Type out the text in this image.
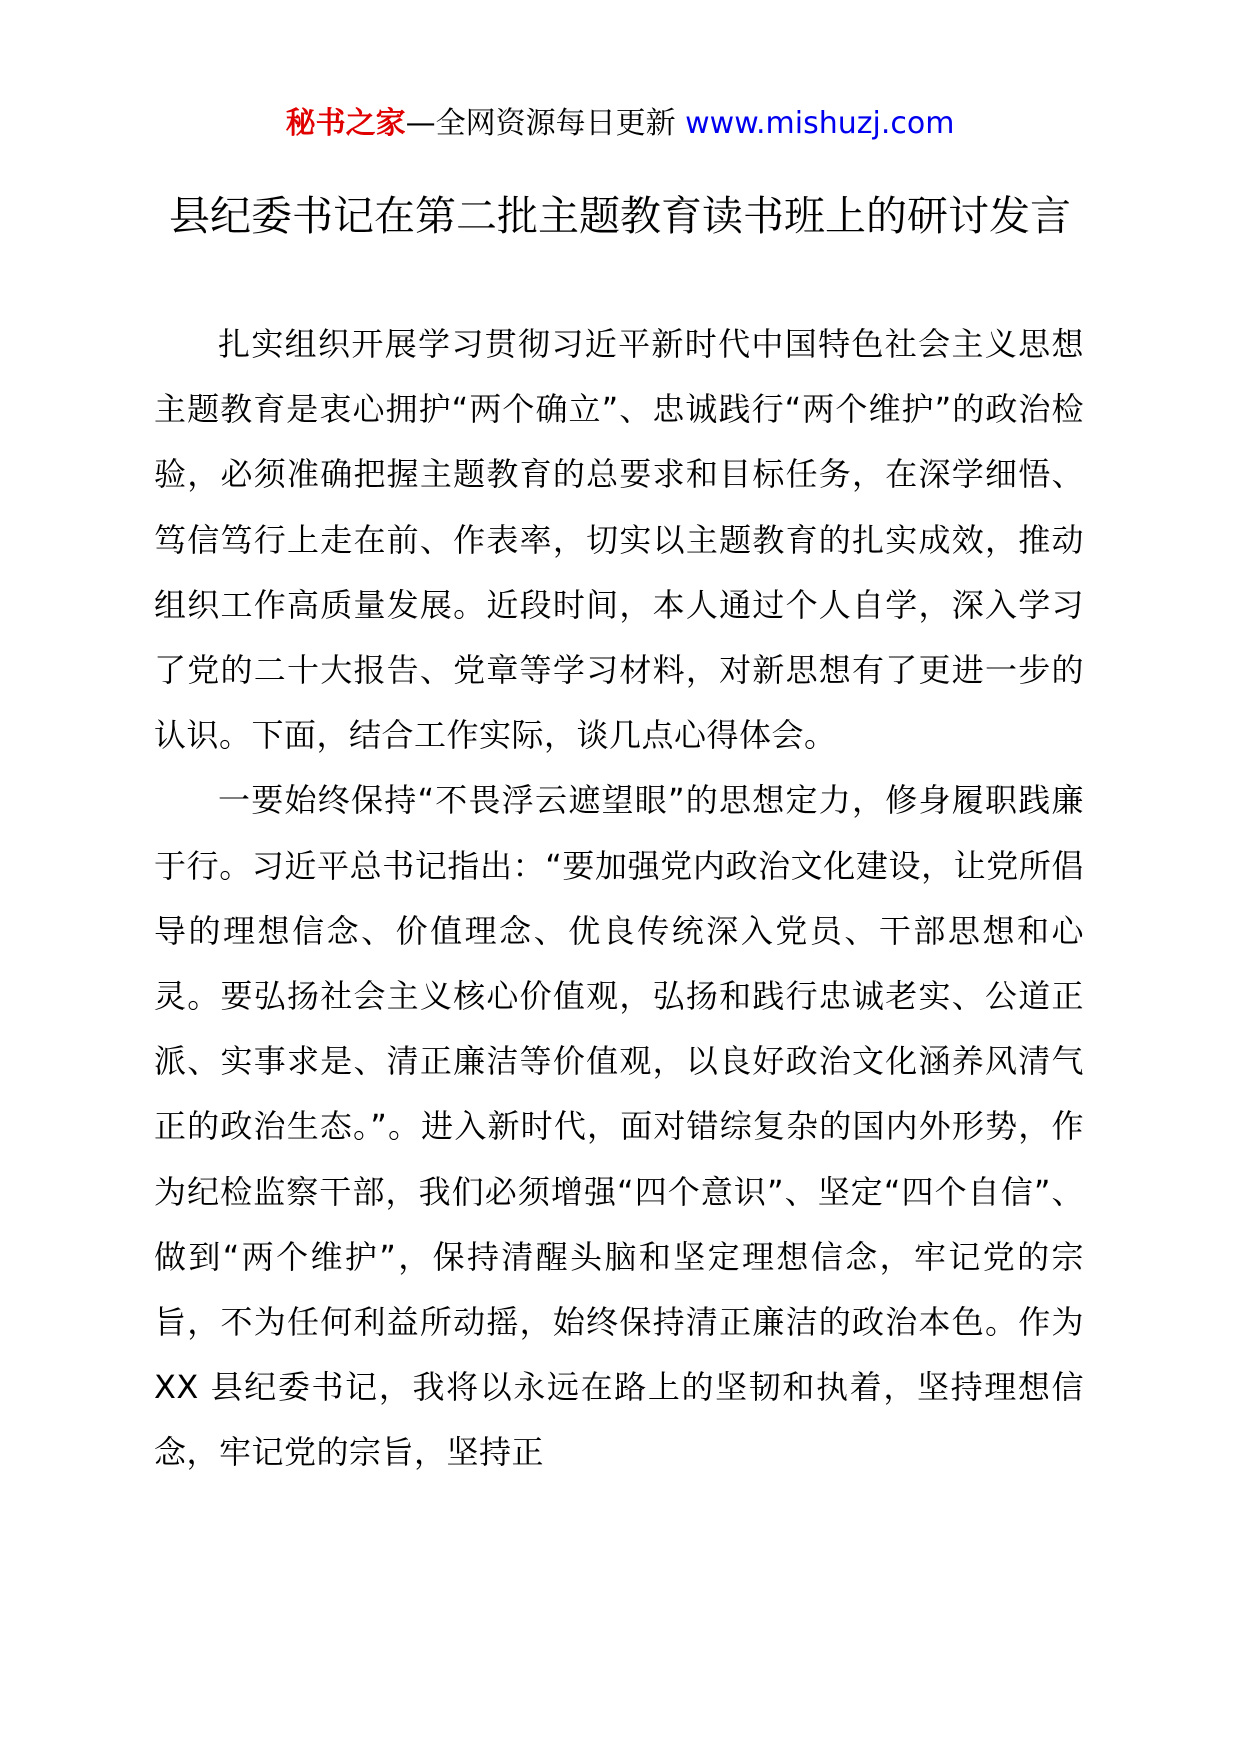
秘书之家—全网资源每日更新 www.mishuzj.com
县纪委书记在第二批主题教育读书班上的研讨发言

扎实组织开展学习贯彻习近平新时代中国特色社会主义思想主题教育是衷心拥护“两个确立”、忠诚践行“两个维护”的政治检验，必须准确把握主题教育的总要求和目标任务，在深学细悟、笃信笃行上走在前、作表率，切实以主题教育的扎实成效，推动组织工作高质量发展。近段时间，本人通过个人自学，深入学习了党的二十大报告、党章等学习材料，对新思想有了更进一步的认识。下面，结合工作实际，谈几点心得体会。

一要始终保持“不畏浮云遮望眼”的思想定力，修身履职践廉于行。习近平总书记指出：“要加强党内政治文化建设，让党所倡导的理想信念、价值理念、优良传统深入党员、干部思想和心灵。要弘扬社会主义核心价值观，弘扬和践行忠诚老实、公道正派、实事求是、清正廉洁等价值观，以良好政治文化涵养风清气正的政治生态。”。进入新时代，面对错综复杂的国内外形势，作为纪检监察干部，我们必须增强“四个意识”、坚定“四个自信”、做到“两个维护”，保持清醒头脑和坚定理想信念，牢记党的宗旨，不为任何利益所动摇，始终保持清正廉洁的政治本色。作为 XX 县纪委书记，我将以永远在路上的坚韧和执着，坚持理想信念，牢记党的宗旨，坚持正
